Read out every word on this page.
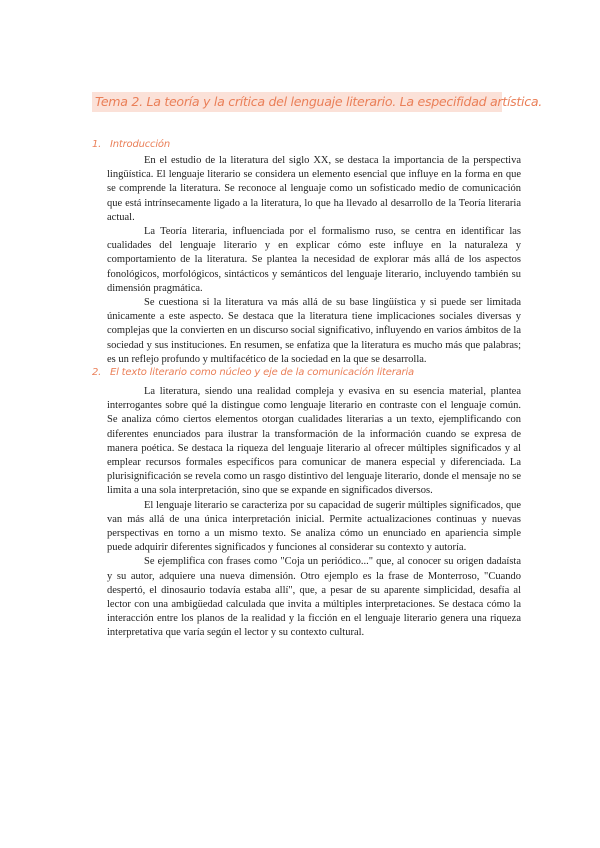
Tema 2. La teoría y la crítica del lenguaje literario. La especifidad artística.
1. Introducción

En el estudio de la literatura del siglo XX, se destaca la importancia de la perspectiva lingüística. El lenguaje literario se considera un elemento esencial que influye en la forma en que se comprende la literatura. Se reconoce al lenguaje como un sofisticado medio de comunicación que está intrínsecamente ligado a la literatura, lo que ha llevado al desarrollo de la Teoría literaria actual.

La Teoría literaria, influenciada por el formalismo ruso, se centra en identificar las cualidades del lenguaje literario y en explicar cómo este influye en la naturaleza y comportamiento de la literatura. Se plantea la necesidad de explorar más allá de los aspectos fonológicos, morfológicos, sintácticos y semánticos del lenguaje literario, incluyendo también su dimensión pragmática.

Se cuestiona si la literatura va más allá de su base lingüística y si puede ser limitada únicamente a este aspecto. Se destaca que la literatura tiene implicaciones sociales diversas y complejas que la convierten en un discurso social significativo, influyendo en varios ámbitos de la sociedad y sus instituciones. En resumen, se enfatiza que la literatura es mucho más que palabras; es un reflejo profundo y multifacético de la sociedad en la que se desarrolla.

2. El texto literario como núcleo y eje de la comunicación literaria

La literatura, siendo una realidad compleja y evasiva en su esencia material, plantea interrogantes sobre qué la distingue como lenguaje literario en contraste con el lenguaje común. Se analiza cómo ciertos elementos otorgan cualidades literarias a un texto, ejemplificando con diferentes enunciados para ilustrar la transformación de la información cuando se expresa de manera poética. Se destaca la riqueza del lenguaje literario al ofrecer múltiples significados y al emplear recursos formales específicos para comunicar de manera especial y diferenciada. La plurisignificación se revela como un rasgo distintivo del lenguaje literario, donde el mensaje no se limita a una sola interpretación, sino que se expande en significados diversos.

El lenguaje literario se caracteriza por su capacidad de sugerir múltiples significados, que van más allá de una única interpretación inicial. Permite actualizaciones continuas y nuevas perspectivas en torno a un mismo texto. Se analiza cómo un enunciado en apariencia simple puede adquirir diferentes significados y funciones al considerar su contexto y autoría.

Se ejemplifica con frases como "Coja un periódico..." que, al conocer su origen dadaísta y su autor, adquiere una nueva dimensión. Otro ejemplo es la frase de Monterroso, "Cuando despertó, el dinosaurio todavía estaba allí", que, a pesar de su aparente simplicidad, desafía al lector con una ambigüedad calculada que invita a múltiples interpretaciones. Se destaca cómo la interacción entre los planos de la realidad y la ficción en el lenguaje literario genera una riqueza interpretativa que varía según el lector y su contexto cultural.
